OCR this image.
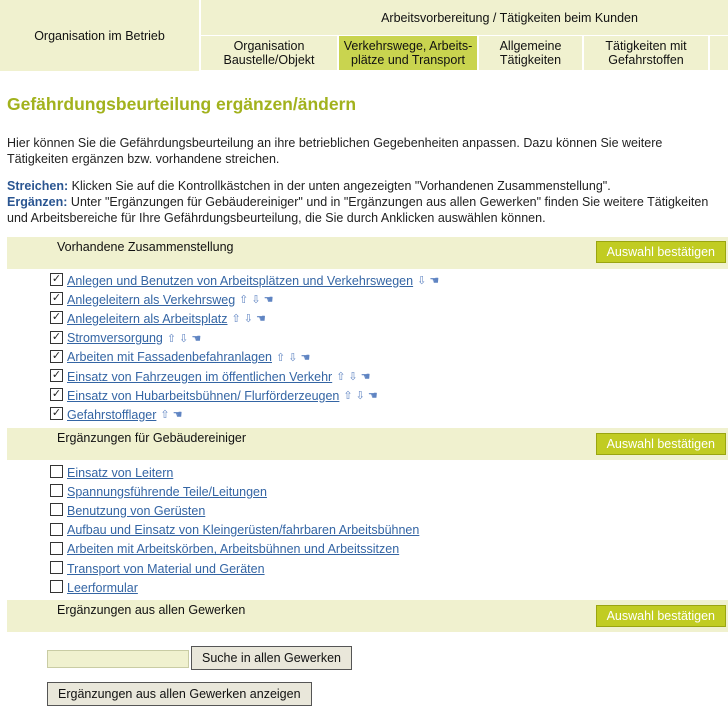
Organisation im Betrieb
Arbeitsvorbereitung / Tätigkeiten beim Kunden
Organisation
Baustelle/Objekt
Verkehrswege, Arbeits-
plätze und Transport
Allgemeine
Tätigkeiten
Tätigkeiten mit
Gefahrstoffen
Gefährdungsbeurteilung ergänzen/ändern

Hier können Sie die Gefährdungsbeurteilung an ihre betrieblichen Gegebenheiten anpassen. Dazu können Sie weitere Tätigkeiten ergänzen bzw. vorhandene streichen.

Streichen: Klicken Sie auf die Kontrollkästchen in der unten angezeigten "Vorhandenen Zusammenstellung".
Ergänzen: Unter "Ergänzungen für Gebäudereiniger" und in "Ergänzungen aus allen Gewerken" finden Sie weitere Tätigkeiten und Arbeitsbereiche für Ihre Gefährdungsbeurteilung, die Sie durch Anklicken auswählen können.

Vorhandene Zusammenstellung	Auswahl bestätigen
✓ Anlegen und Benutzen von Arbeitsplätzen und Verkehrswegen ⇩ ☚
✓ Anlegeleitern als Verkehrsweg ⇧ ⇩ ☚
✓ Anlegeleitern als Arbeitsplatz ⇧ ⇩ ☚
✓ Stromversorgung ⇧ ⇩ ☚
✓ Arbeiten mit Fassadenbefahranlagen ⇧ ⇩ ☚
✓ Einsatz von Fahrzeugen im öffentlichen Verkehr ⇧ ⇩ ☚
✓ Einsatz von Hubarbeitsbühnen/ Flurförderzeugen ⇧ ⇩ ☚
✓ Gefahrstofflager ⇧ ☚
Ergänzungen für Gebäudereiniger	Auswahl bestätigen
Einsatz von Leitern
Spannungsführende Teile/Leitungen
Benutzung von Gerüsten
Aufbau und Einsatz von Kleingerüsten/fahrbaren Arbeitsbühnen
Arbeiten mit Arbeitskörben, Arbeitsbühnen und Arbeitssitzen
Transport von Material und Geräten
Leerformular
Ergänzungen aus allen Gewerken	Auswahl bestätigen
Suche in allen Gewerken
Ergänzungen aus allen Gewerken anzeigen
